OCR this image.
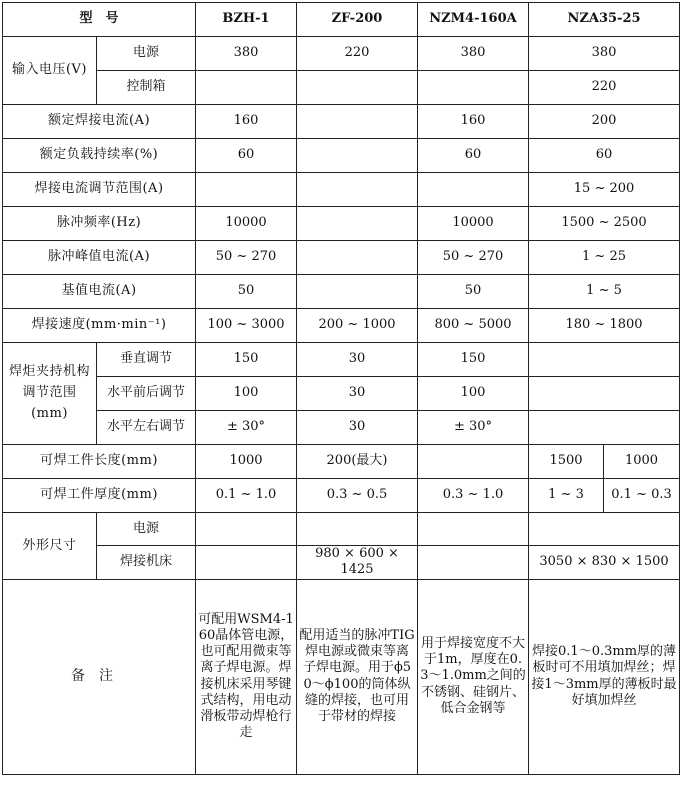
型　号		BZH-1	ZF-200	NZM4-160A	NZA35-25	
输入电压(V)	电源	380	220	380	380	
	控制箱				220	
额定焊接电流(A)		160		160	200	
额定负载持续率(%)		60		60	60	
焊接电流调节范围(A)					15 ~ 200	
脉冲频率(Hz)		10000		10000	1500 ~ 2500	
脉冲峰值电流(A)		50 ~ 270		50 ~ 270	1 ~ 25	
基值电流(A)		50		50	1 ~ 5	
焊接速度(mm·min⁻¹)		100 ~ 3000	200 ~ 1000	800 ~ 5000	180 ~ 1800	
焊炬夹持机构调节范围(mm)	垂直调节	150	30	150		
	水平前后调节	100	30	100		
	水平左右调节	± 30°	30	± 30°		
可焊工件长度(mm)		1000	200(最大)		1500	1000
可焊工件厚度(mm)		0.1 ~ 1.0	0.3 ~ 0.5	0.3 ~ 1.0	1 ~ 3	0.1 ~ 0.3
外形尺寸	电源					
	焊接机床		980 × 600 × 1425		3050 × 830 × 1500	
备注		可配用WSM4-160晶体管电源，也可配用微束等离子焊电源。焊接机床采用琴键式结构，用电动滑板带动焊枪行走	配用适当的脉冲TIG焊电源或微束等离子焊电源。用于ϕ50～ϕ100的筒体纵缝的焊接，也可用于带材的焊接	用于焊接宽度不大于1m，厚度在0.3～1.0mm之间的不锈钢、硅钢片、低合金钢等	焊接0.1～0.3mm厚的薄板时可不用填加焊丝；焊接1～3mm厚的薄板时最好填加焊丝	
